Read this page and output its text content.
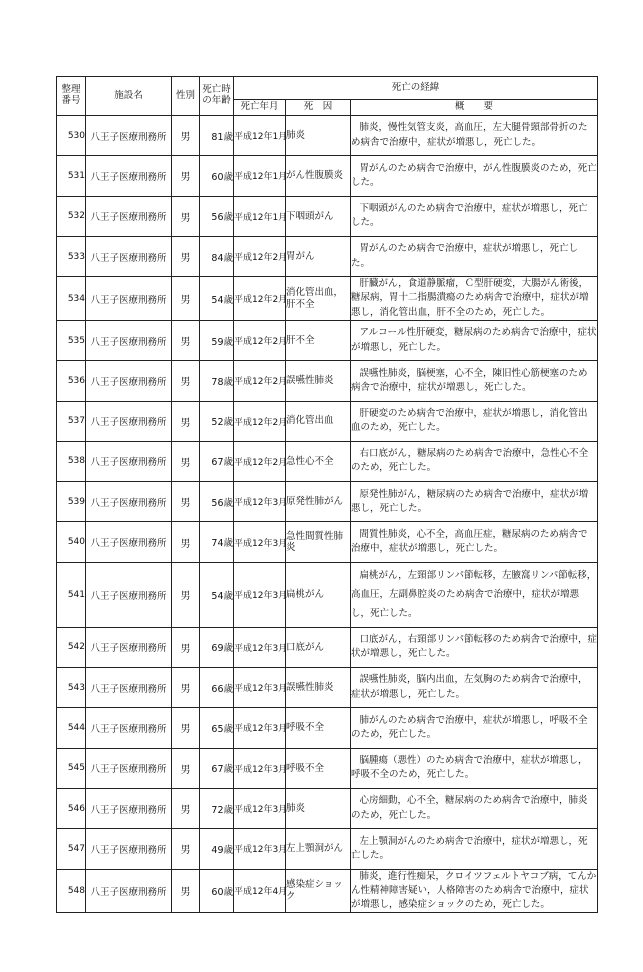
整理番号	施設名	性別	死亡時の年齢	死亡の経緯		
				死亡年月	死　因	概　　要
530	八王子医療刑務所	男	81歳	平成12年1月	肺炎	肺炎，慢性気管支炎，高血圧，左大腿骨頸部骨折のため病舎で治療中，症状が増悪し，死亡した。
531	八王子医療刑務所	男	60歳	平成12年1月	がん性腹膜炎	胃がんのため病舎で治療中，がん性腹膜炎のため，死亡した。
532	八王子医療刑務所	男	56歳	平成12年1月	下咽頭がん	下咽頭がんのため病舎で治療中，症状が増悪し，死亡した。
533	八王子医療刑務所	男	84歳	平成12年2月	胃がん	胃がんのため病舎で治療中，症状が増悪し，死亡した。
534	八王子医療刑務所	男	54歳	平成12年2月	消化管出血，肝不全	肝臓がん，食道静脈瘤，Ｃ型肝硬変，大腸がん術後，糖尿病，胃十二指腸潰瘍のため病舎で治療中，症状が増悪し，消化管出血，肝不全のため，死亡した。
535	八王子医療刑務所	男	59歳	平成12年2月	肝不全	アルコール性肝硬変，糖尿病のため病舎で治療中，症状が増悪し，死亡した。
536	八王子医療刑務所	男	78歳	平成12年2月	誤嚥性肺炎	誤嚥性肺炎，脳梗塞，心不全，陳旧性心筋梗塞のため病舎で治療中，症状が増悪し，死亡した。
537	八王子医療刑務所	男	52歳	平成12年2月	消化管出血	肝硬変のため病舎で治療中，症状が増悪し，消化管出血のため，死亡した。
538	八王子医療刑務所	男	67歳	平成12年2月	急性心不全	右口底がん，糖尿病のため病舎で治療中，急性心不全のため，死亡した。
539	八王子医療刑務所	男	56歳	平成12年3月	原発性肺がん	原発性肺がん，糖尿病のため病舎で治療中，症状が増悪し，死亡した。
540	八王子医療刑務所	男	74歳	平成12年3月	急性間質性肺炎	間質性肺炎，心不全，高血圧症，糖尿病のため病舎で治療中，症状が増悪し，死亡した。
541	八王子医療刑務所	男	54歳	平成12年3月	扁桃がん	扁桃がん，左頸部リンパ節転移，左腋窩リンパ節転移，高血圧，左副鼻腔炎のため病舎で治療中，症状が増悪し，死亡した。
542	八王子医療刑務所	男	69歳	平成12年3月	口底がん	口底がん，右頸部リンパ節転移のため病舎で治療中，症状が増悪し，死亡した。
543	八王子医療刑務所	男	66歳	平成12年3月	誤嚥性肺炎	誤嚥性肺炎，脳内出血，左気胸のため病舎で治療中，症状が増悪し，死亡した。
544	八王子医療刑務所	男	65歳	平成12年3月	呼吸不全	肺がんのため病舎で治療中，症状が増悪し，呼吸不全のため，死亡した。
545	八王子医療刑務所	男	67歳	平成12年3月	呼吸不全	脳腫瘍（悪性）のため病舎で治療中，症状が増悪し，呼吸不全のため，死亡した。
546	八王子医療刑務所	男	72歳	平成12年3月	肺炎	心房細動，心不全，糖尿病のため病舎で治療中，肺炎のため，死亡した。
547	八王子医療刑務所	男	49歳	平成12年3月	左上顎洞がん	左上顎洞がんのため病舎で治療中，症状が増悪し，死亡した。
548	八王子医療刑務所	男	60歳	平成12年4月	感染症ショック	肺炎，進行性痴呆，クロイツフェルトヤコブ病，てんかん性精神障害疑い，人格障害のため病舎で治療中，症状が増悪し，感染症ショックのため，死亡した。
